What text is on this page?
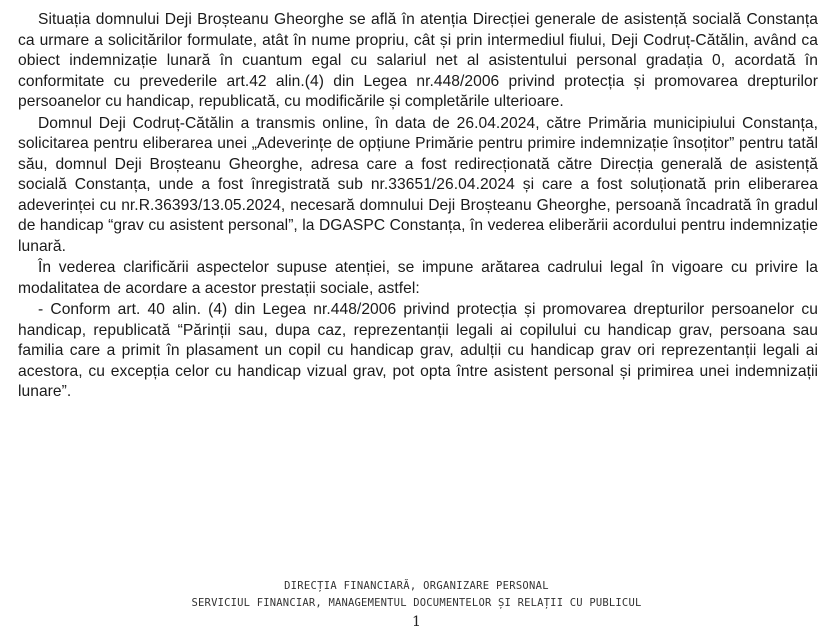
Situația domnului Deji Broșteanu Gheorghe se află în atenția Direcției generale de asistență socială Constanța ca urmare a solicitărilor formulate, atât în nume propriu, cât și prin intermediul fiului, Deji Codruț-Cătălin, având ca obiect indemnizație lunară în cuantum egal cu salariul net al asistentului personal gradația 0, acordată în conformitate cu prevederile art.42 alin.(4) din Legea nr.448/2006 privind protecția și promovarea drepturilor persoanelor cu handicap, republicată, cu modificările și completările ulterioare.

Domnul Deji Codruț-Cătălin a transmis online, în data de 26.04.2024, către Primăria municipiului Constanța, solicitarea pentru eliberarea unei „Adeverințe de opțiune Primărie pentru primire indemnizație însoțitor” pentru tatăl său, domnul Deji Broșteanu Gheorghe, adresa care a fost redirecționată către Direcția generală de asistență socială Constanța, unde a fost înregistrată sub nr.33651/26.04.2024 și care a fost soluționată prin eliberarea adeverinței cu nr.R.36393/13.05.2024, necesară domnului Deji Broșteanu Gheorghe, persoană încadrată în gradul de handicap “grav cu asistent personal”, la DGASPC Constanța, în vederea eliberării acordului pentru indemnizație lunară.

În vederea clarificării aspectelor supuse atenției, se impune arătarea cadrului legal în vigoare cu privire la modalitatea de acordare a acestor prestații sociale, astfel:

- Conform art. 40 alin. (4) din Legea nr.448/2006 privind protecția și promovarea drepturilor persoanelor cu handicap, republicată “Părinții sau, dupa caz, reprezentanții legali ai copilului cu handicap grav, persoana sau familia care a primit în plasament un copil cu handicap grav, adulții cu handicap grav ori reprezentanții legali ai acestora, cu excepția celor cu handicap vizual grav, pot opta între asistent personal și primirea unei indemnizații lunare”.

DIRECȚIA FINANCIARĂ, ORGANIZARE PERSONAL
SERVICIUL FINANCIAR, MANAGEMENTUL DOCUMENTELOR ȘI RELAȚII CU PUBLICUL
1
